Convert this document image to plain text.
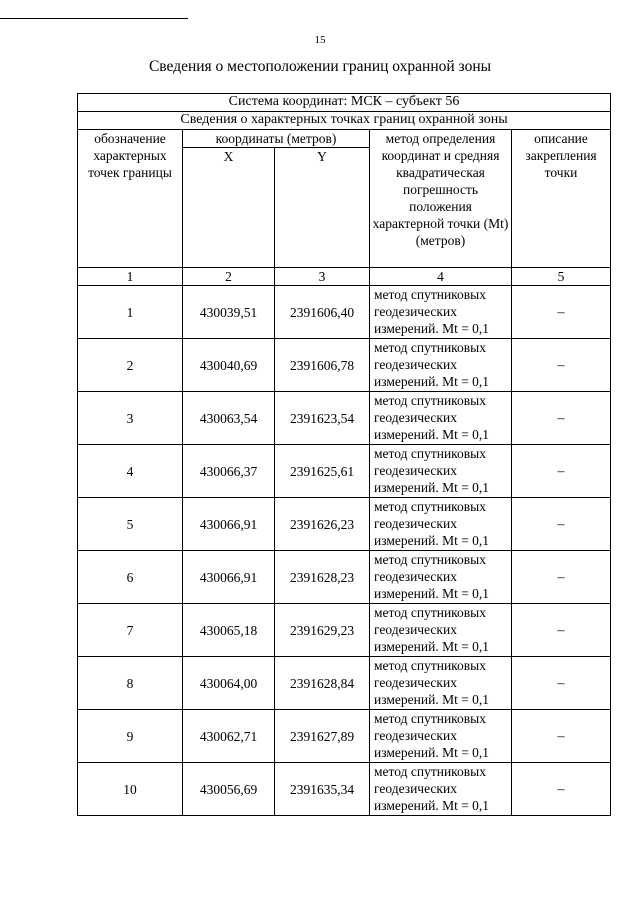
15
Сведения о местоположении границ охранной зоны
Система координат: МСК – субъект 56				
Сведения о характерных точках границ охранной зоны				
обозначение характерных точек границы	координаты (метров)		метод определения координат и средняя квадратическая погрешность положения характерной точки (Mt) (метров)	описание закрепления точки
	X	Y		
1	2	3	4	5
1	430039,51	2391606,40	метод спутниковых геодезических измерений. Mt = 0,1	–
2	430040,69	2391606,78	метод спутниковых геодезических измерений. Mt = 0,1	–
3	430063,54	2391623,54	метод спутниковых геодезических измерений. Mt = 0,1	–
4	430066,37	2391625,61	метод спутниковых геодезических измерений. Mt = 0,1	–
5	430066,91	2391626,23	метод спутниковых геодезических измерений. Mt = 0,1	–
6	430066,91	2391628,23	метод спутниковых геодезических измерений. Mt = 0,1	–
7	430065,18	2391629,23	метод спутниковых геодезических измерений. Mt = 0,1	–
8	430064,00	2391628,84	метод спутниковых геодезических измерений. Mt = 0,1	–
9	430062,71	2391627,89	метод спутниковых геодезических измерений. Mt = 0,1	–
10	430056,69	2391635,34	метод спутниковых геодезических измерений. Mt = 0,1	–
